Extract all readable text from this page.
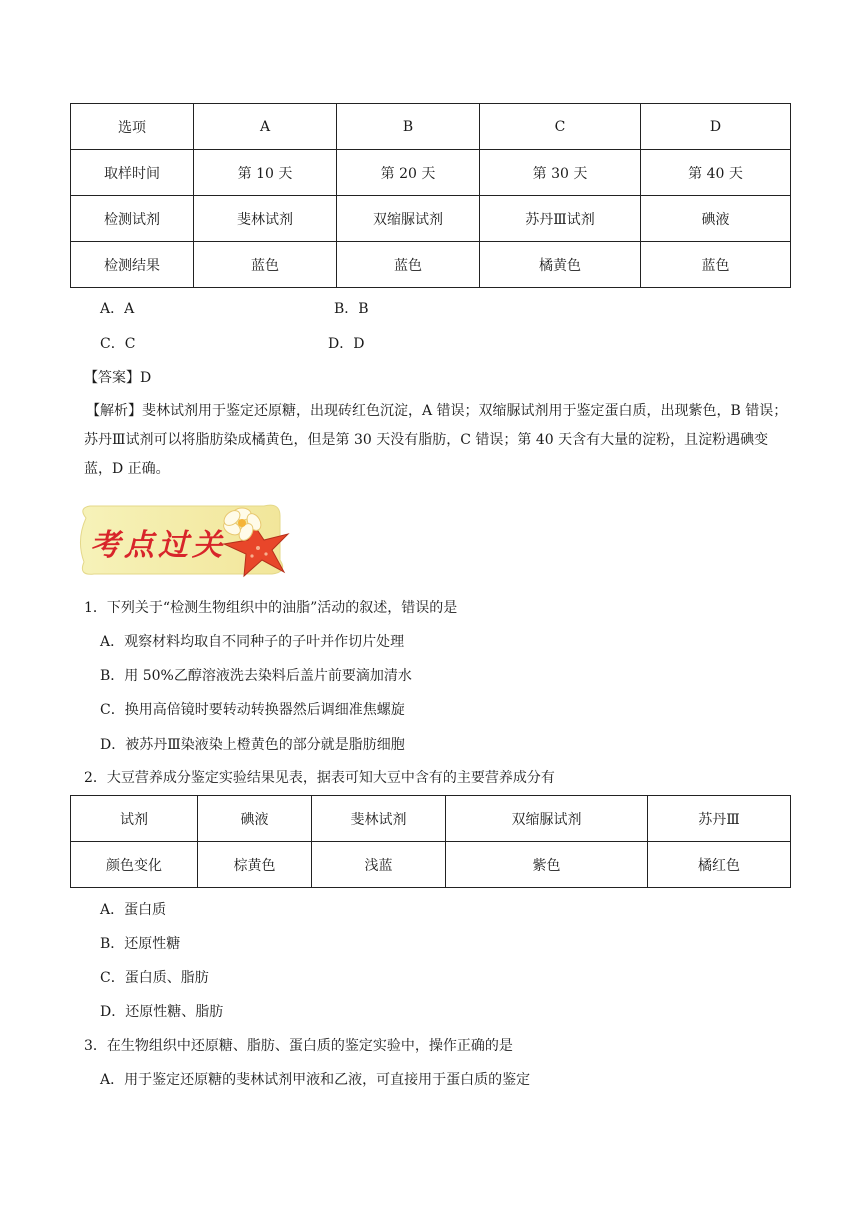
选项	A	B	C	D
取样时间	第 10 天	第 20 天	第 30 天	第 40 天
检测试剂	斐林试剂	双缩脲试剂	苏丹Ⅲ试剂	碘液
检测结果	蓝色	蓝色	橘黄色	蓝色
A．A	B．B
C．C	D．D
【答案】D
【解析】斐林试剂用于鉴定还原糖，出现砖红色沉淀，A 错误；双缩脲试剂用于鉴定蛋白质，出现紫色，B 错误；苏丹Ⅲ试剂可以将脂肪染成橘黄色，但是第 30 天没有脂肪，C 错误；第 40 天含有大量的淀粉，且淀粉遇碘变蓝，D 正确。
考点过关
1．下列关于“检测生物组织中的油脂”活动的叙述，错误的是
A．观察材料均取自不同种子的子叶并作切片处理
B．用 50%乙醇溶液洗去染料后盖片前要滴加清水
C．换用高倍镜时要转动转换器然后调细准焦螺旋
D．被苏丹Ⅲ染液染上橙黄色的部分就是脂肪细胞
2．大豆营养成分鉴定实验结果见表，据表可知大豆中含有的主要营养成分有
试剂	碘液	斐林试剂	双缩脲试剂	苏丹Ⅲ
颜色变化	棕黄色	浅蓝	紫色	橘红色
A．蛋白质
B．还原性糖
C．蛋白质、脂肪
D．还原性糖、脂肪
3．在生物组织中还原糖、脂肪、蛋白质的鉴定实验中，操作正确的是
A．用于鉴定还原糖的斐林试剂甲液和乙液，可直接用于蛋白质的鉴定
